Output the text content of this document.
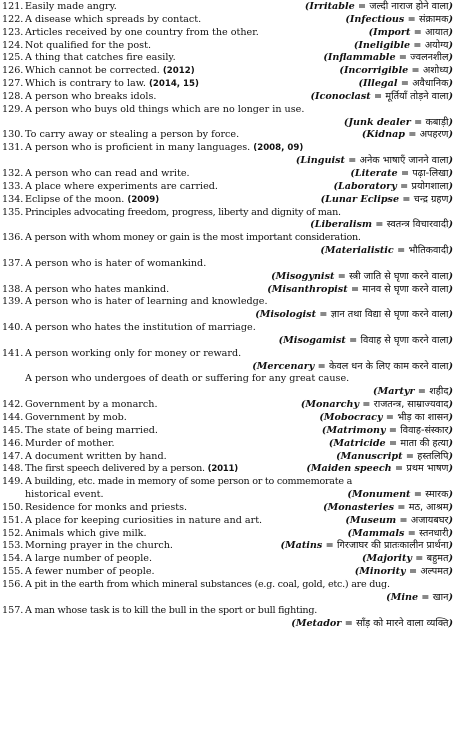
121. Easily made angry.	(Irritable = जल्दी नाराज होने वाला)
122. A disease which spreads by contact.	(Infectious = संक्रामक)
123. Articles received by one country from the other.	(Import = आयात)
124. Not qualified for the post.	(Ineligible = अयोग्य)
125. A thing that catches fire easily.	(Inflammable = ज्वलनशील)
126. Which cannot be corrected. (2012)	(Incorrigible = अशोध्य)
127. Which is contrary to law. (2014, 15)	(Illegal = अवैधानिक)
128. A person who breaks idols.	(Iconoclast = मूर्तियाँ तोड़ने वाला)
129. A person who buys old things which are no longer in use.
(Junk dealer = कबाड़ी)
130. To carry away or stealing a person by force.	(Kidnap = अपहरण)
131. A person who is proficient in many languages. (2008, 09)
(Linguist = अनेक भाषाएँ जानने वाला)
132. A person who can read and write.	(Literate = पढ़ा-लिखा)
133. A place where experiments are carried.	(Laboratory = प्रयोगशाला)
134. Eclipse of the moon. (2009)	(Lunar Eclipse = चन्द्र ग्रहण)
135. Principles advocating freedom, progress, liberty and dignity of man.
(Liberalism = स्वतन्त्र विचारवादी)
136. A person with whom money or gain is the most important consideration.
(Materialistic = भौतिकवादी)
137. A person who is hater of womankind.
(Misogynist = स्त्री जाति से घृणा करने वाला)
138. A person who hates mankind.	(Misanthropist = मानव से घृणा करने वाला)
139. A person who is hater of learning and knowledge.
(Misologist = ज्ञान तथा विद्या से घृणा करने वाला)
140. A person who hates the institution of marriage.
(Misogamist = विवाह से घृणा करने वाला)
141. A person working only for money or reward.
(Mercenary = केवल धन के लिए काम करने वाला)
A person who undergoes of death or suffering for any great cause.
(Martyr = शहीद)
142. Government by a monarch.	(Monarchy = राजतन्त्र, साम्राज्यवाद)
144. Government by mob.	(Mobocracy = भीड़ का शासन)
145. The state of being married.	(Matrimony = विवाह-संस्कार)
146. Murder of mother.	(Matricide = माता की हत्या)
147. A document written by hand.	(Manuscript = हस्तलिपि)
148. The first speech delivered by a person. (2011)	(Maiden speech = प्रथम भाषण)
149. A building, etc. made in memory of some person or to commemorate a
historical event.	(Monument = स्मारक)
150. Residence for monks and priests.	(Monasteries = मठ, आश्रम)
151. A place for keeping curiosities in nature and art.	(Museum = अजायबघर)
152. Animals which give milk.	(Mammals = स्तनधारी)
153. Morning prayer in the church.	(Matins = गिरजाघर की प्रातःकालीन प्रार्थना)
154. A large number of people.	(Majority = बहुमत)
155. A fewer number of people.	(Minority = अल्पमत)
156. A pit in the earth from which mineral substances (e.g. coal, gold, etc.) are dug.
(Mine = खान)
157. A man whose task is to kill the bull in the sport or bull fighting.
(Metador = साँड़ को मारने वाला व्यक्ति)
